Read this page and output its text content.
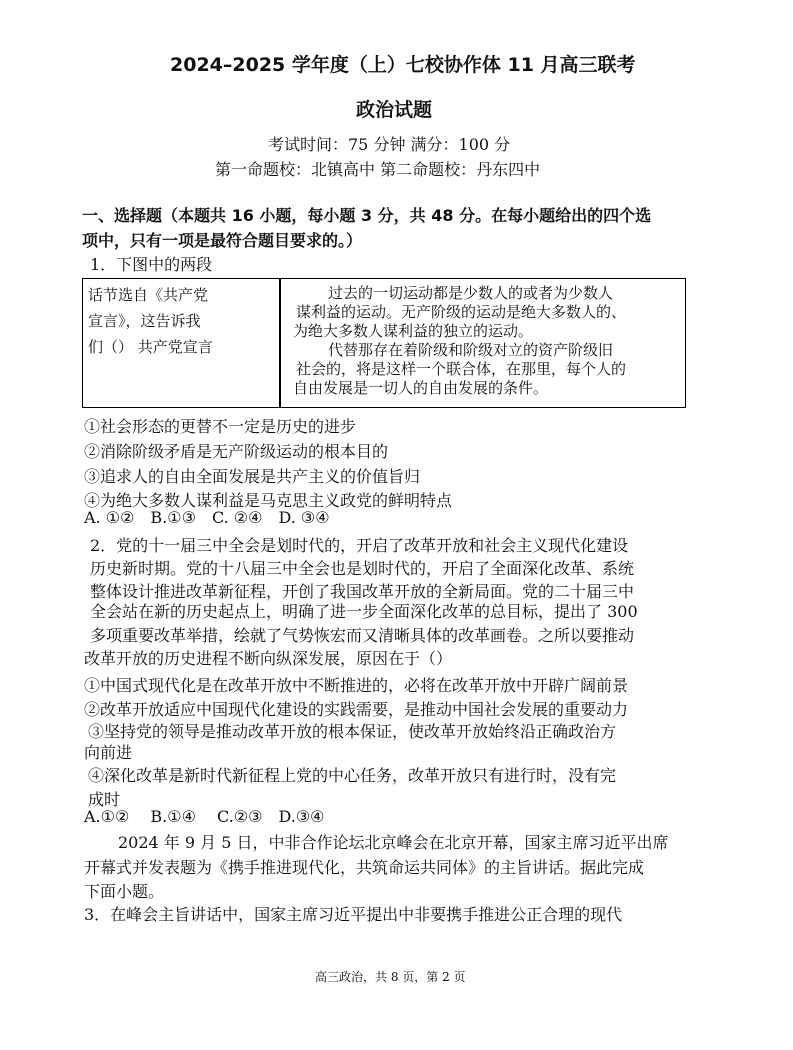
2024–2025 学年度（上）七校协作体 11 月高三联考
政治试题
考试时间：75 分钟 满分：100 分
第一命题校：北镇高中 第二命题校：丹东四中
一、选择题（本题共 16 小题，每小题 3 分，共 48 分。在每小题给出的四个选
项中，只有一项是最符合题目要求的。）
1．下图中的两段
话节选自《共产党
宣言》，这告诉我
们（） 共产党宣言
过去的一切运动都是少数人的或者为少数人
谋利益的运动。无产阶级的运动是绝大多数人的、
为绝大多数人谋利益的独立的运动。
代替那存在着阶级和阶级对立的资产阶级旧
社会的，将是这样一个联合体，在那里，每个人的
自由发展是一切人的自由发展的条件。
①社会形态的更替不一定是历史的进步
②消除阶级矛盾是无产阶级运动的根本目的
③追求人的自由全面发展是共产主义的价值旨归
④为绝大多数人谋利益是马克思主义政党的鲜明特点
A. ①②　B.①③　C. ②④　D. ③④
2．党的十一届三中全会是划时代的，开启了改革开放和社会主义现代化建设
历史新时期。党的十八届三中全会也是划时代的，开启了全面深化改革、系统
整体设计推进改革新征程，开创了我国改革开放的全新局面。党的二十届三中
全会站在新的历史起点上，明确了进一步全面深化改革的总目标，提出了 300
多项重要改革举措，绘就了气势恢宏而又清晰具体的改革画卷。之所以要推动
改革开放的历史进程不断向纵深发展，原因在于（）
①中国式现代化是在改革开放中不断推进的，必将在改革开放中开辟广阔前景
②改革开放适应中国现代化建设的实践需要，是推动中国社会发展的重要动力
③坚持党的领导是推动改革开放的根本保证，使改革开放始终沿正确政治方
向前进
④深化改革是新时代新征程上党的中心任务，改革开放只有进行时，没有完
成时
A.①②　 B.①④　 C.②③　D.③④
2024 年 9 月 5 日，中非合作论坛北京峰会在北京开幕，国家主席习近平出席
开幕式并发表题为《携手推进现代化，共筑命运共同体》的主旨讲话。据此完成
下面小题。
3．在峰会主旨讲话中，国家主席习近平提出中非要携手推进公正合理的现代
高三政治，共 8 页，第 2 页
